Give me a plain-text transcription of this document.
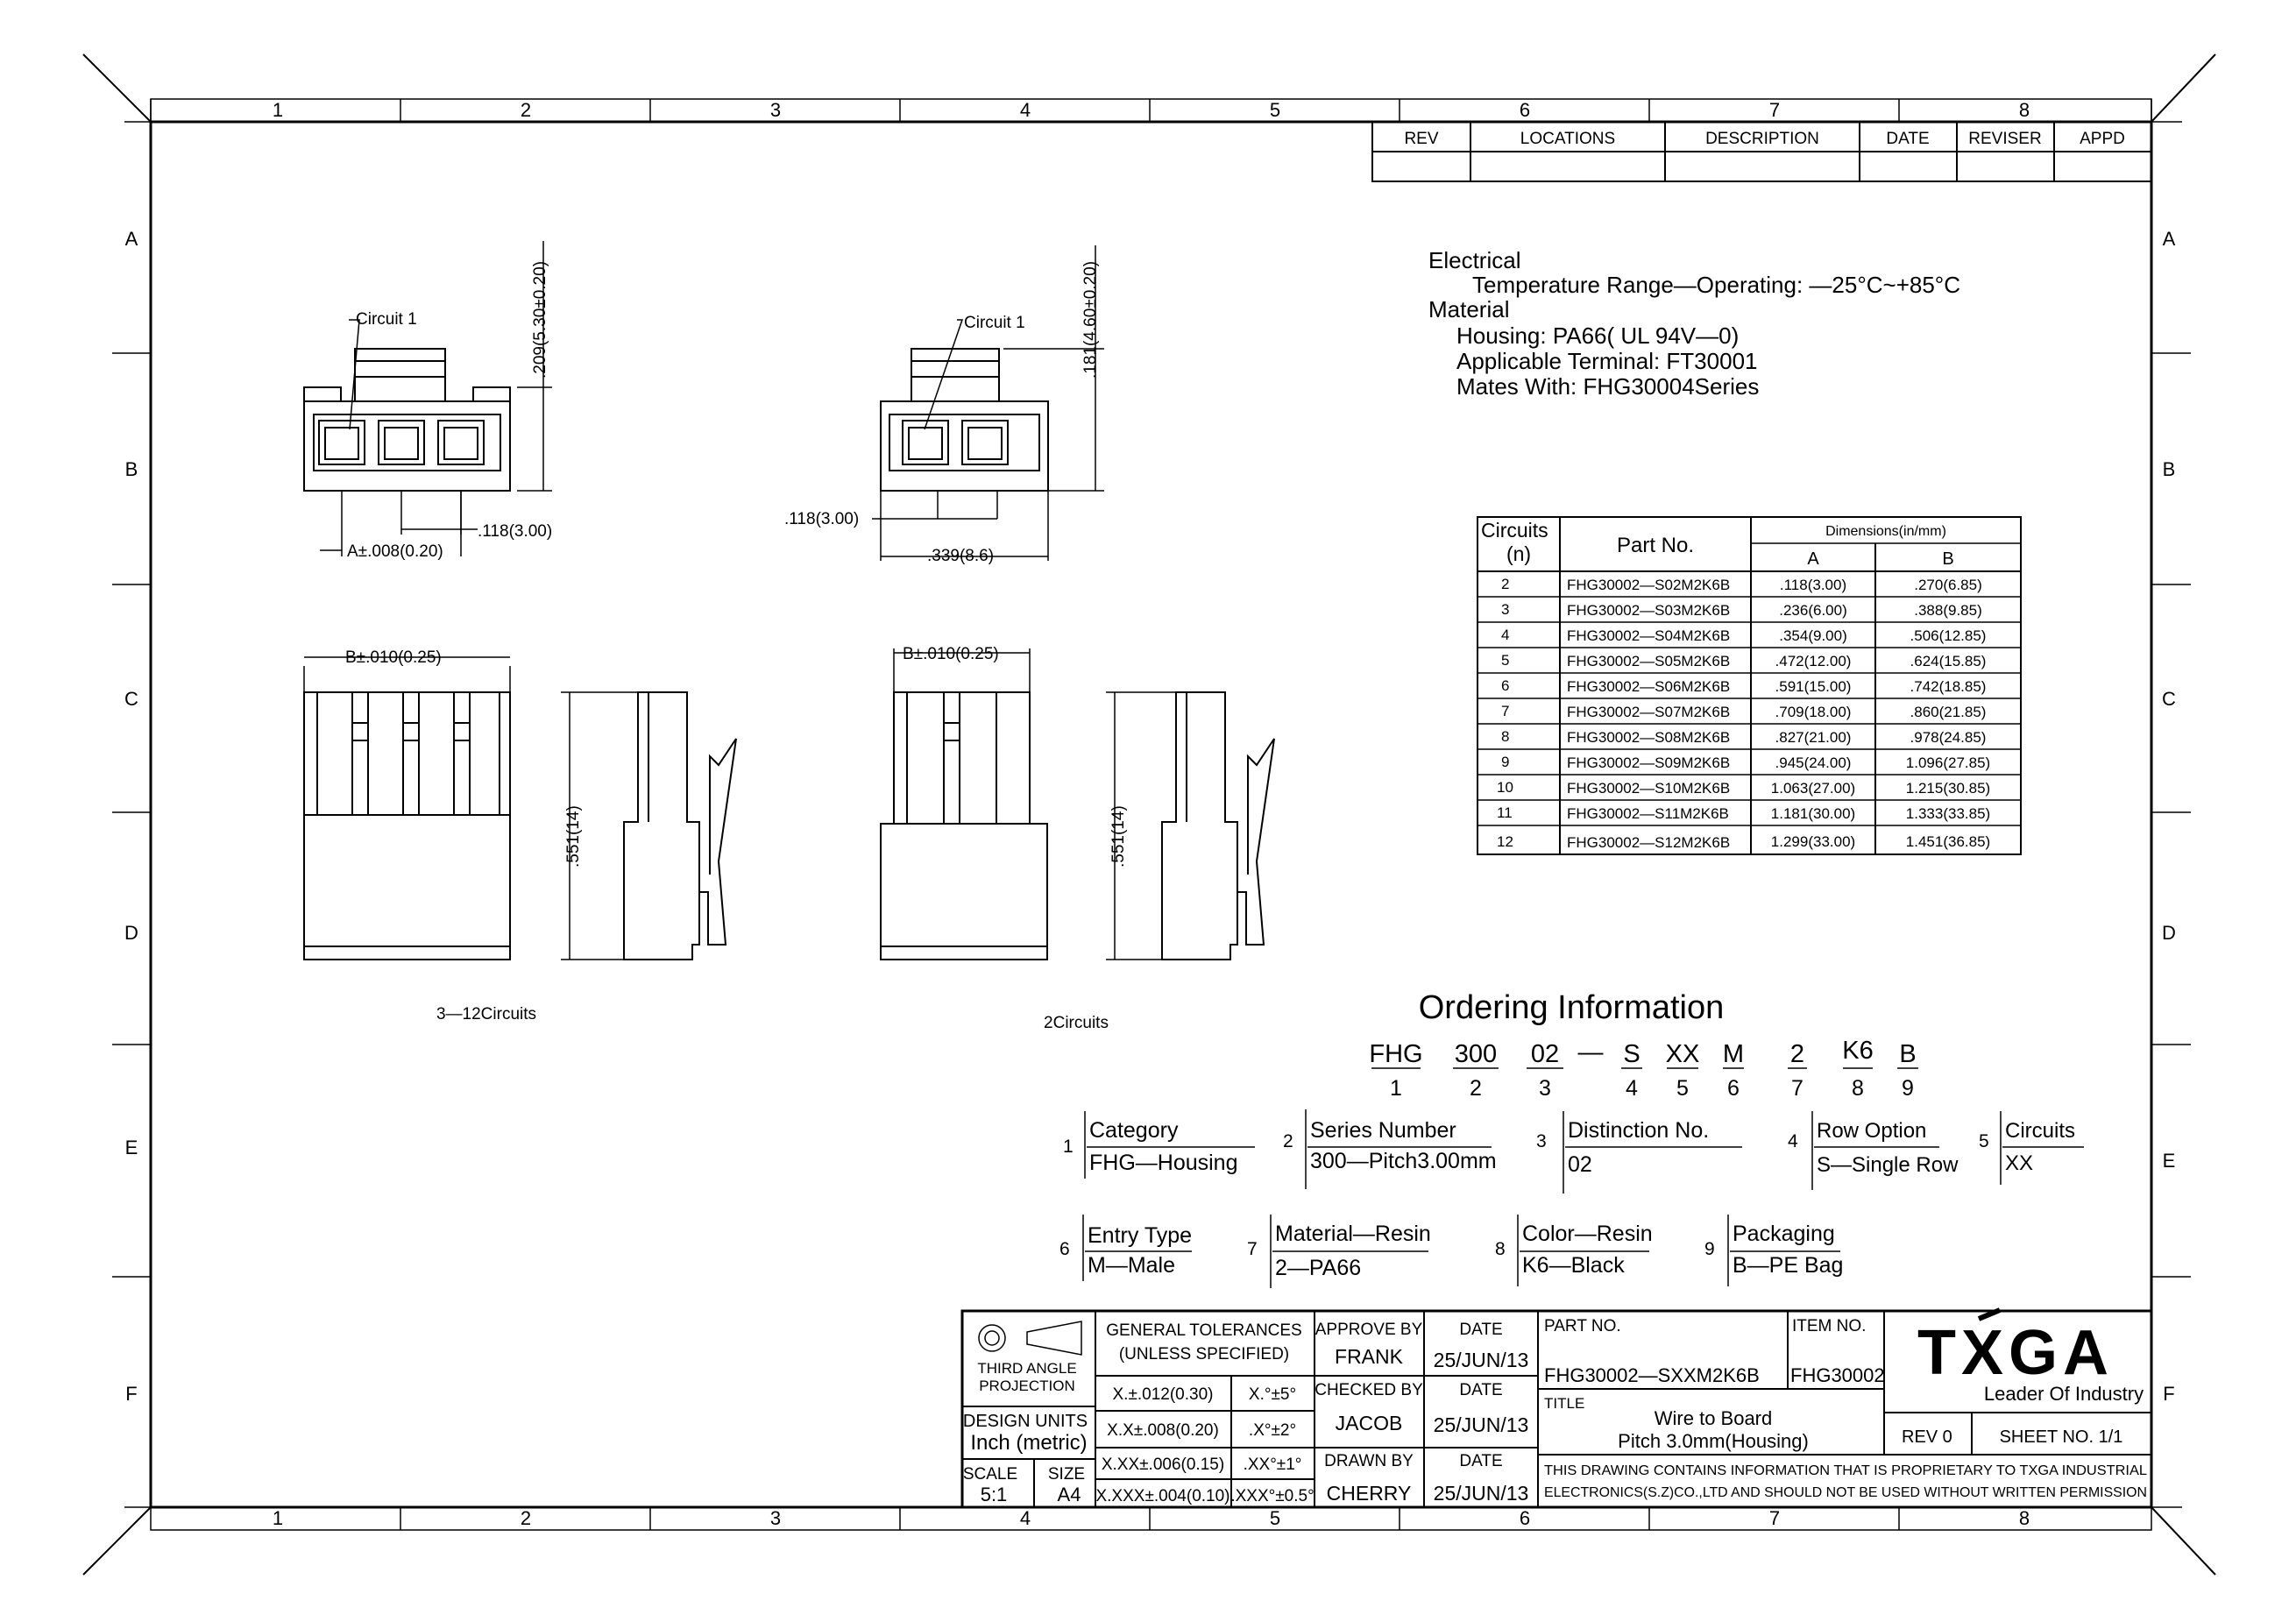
1	2	3	4	5	6	7	8
1	2	3	4	5	6	7	8
A
B
C
D
E
F
A
B
C
D
E
F
REV	LOCATIONS	DESCRIPTION	DATE REVISER APPD
Electrical
Temperature Range—Operating: —25°C~+85°C
Material
Housing: PA66( UL 94V—0)
Applicable Terminal: FT30001
Mates With: FHG30004Series
Circuit 1	.209(5.30±0.20)
.118(3.00)
A±.008(0.20)
Circuit 1	.181(4.60±0.20)
.118(3.00)
.339(8.6)
B±.010(0.25)
3—12Circuits
.551(14)
B±.010(0.25)
2Circuits
.551(14)
Circuits
(n)	Part No.
Dimensions(in/mm)
A	B
2	FHG30002—S02M2K6B	.118(3.00)	.270(6.85)
3	FHG30002—S03M2K6B	.236(6.00)	.388(9.85)
4	FHG30002—S04M2K6B	.354(9.00)	.506(12.85)
5	FHG30002—S05M2K6B	.472(12.00)	.624(15.85)
6	FHG30002—S06M2K6B	.591(15.00)	.742(18.85)
7	FHG30002—S07M2K6B	.709(18.00)	.860(21.85)
8	FHG30002—S08M2K6B	.827(21.00)	.978(24.85)
9	FHG30002—S09M2K6B	.945(24.00)	1.096(27.85)
10	FHG30002—S10M2K6B	1.063(27.00)	1.215(30.85)
11	FHG30002—S11M2K6B	1.181(30.00)	1.333(33.85)
12	FHG30002—S12M2K6B	1.299(33.00)	1.451(36.85)
Ordering Information
FHG
1
300
2
02
3
— S
4
XX
5
M
6
2
7
K6
8
B
9
1
Category
FHG—Housing
2 Series Number
300—Pitch3.00mm
3 Distinction No.
02
4 Row Option
S—Single Row
5 Circuits
XX
6
Entry Type
M—Male
7
Material—Resin
2—PA66
8
Color—Resin
K6—Black
9
Packaging
B—PE Bag
THIRD ANGLE
PROJECTION
DESIGN UNITS
Inch (metric)
SCALE
5:1
SIZE
A4
GENERAL TOLERANCES
(UNLESS SPECIFIED)
X.±.012(0.30)
X.X±.008(0.20)
X.XX±.006(0.15)
X.XXX±.004(0.10)
X.°±5°
.X°±2°
.XX°±1°
.XXX°±0.5°
APPROVE BY
FRANK
CHECKED BY
JACOB
DRAWN BY
CHERRY
DATE
25/JUN/13
DATE
25/JUN/13
DATE
25/JUN/13
PART NO.
FHG30002—SXXM2K6B
ITEM NO.
FHG30002
TITLE
Wire to Board
Pitch 3.0mm(Housing)	REV 0	SHEET NO. 1/1
TXGA
Leader Of Industry
THIS DRAWING CONTAINS INFORMATION THAT IS PROPRIETARY TO TXGA INDUSTRIAL
ELECTRONICS(S.Z)CO.,LTD AND SHOULD NOT BE USED WITHOUT WRITTEN PERMISSION
